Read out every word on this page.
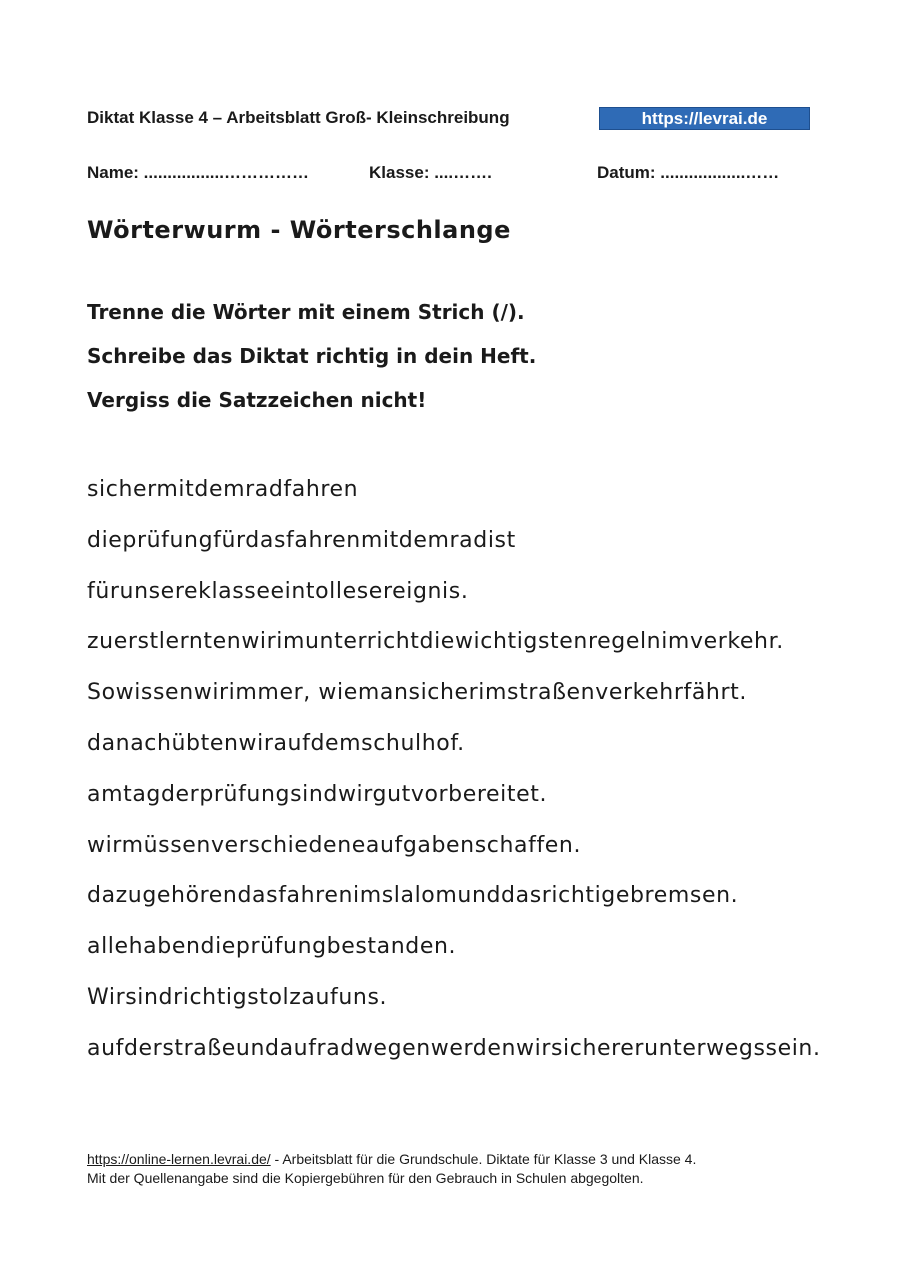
Diktat Klasse 4 – Arbeitsblatt Groß- Kleinschreibung	https://levrai.de
Name: .................……………	Klasse: ....…….	Datum: ..................……
Wörterwurm - Wörterschlange
Trenne die Wörter mit einem Strich (/).
Schreibe das Diktat richtig in dein Heft.
Vergiss die Satzzeichen nicht!
sichermitdemradfahren
dieprüfungfürdasfahrenmitdemradist
fürunsereklasseeintollesereignis.
zuerstlerntenwirimunterrichtdiewichtigstenregelnimverkehr.
Sowissenwirimmer, wiemansicherimstraßenverkehrfährt.
danachübtenwiraufdemschulhof.
amtagderprüfungsindwirgutvorbereitet.
wirmüssenverschiedeneaufgabenschaffen.
dazugehörendasfahrenimslalomunddasrichtigebremsen.
allehabendieprüfungbestanden.
Wirsindrichtigstolzaufuns.
aufderstraßeundaufradwegenwerdenwirsichererunterwegssein.
https://online-lernen.levrai.de/ - Arbeitsblatt für die Grundschule. Diktate für Klasse 3 und Klasse 4.
Mit der Quellenangabe sind die Kopiergebühren für den Gebrauch in Schulen abgegolten.
